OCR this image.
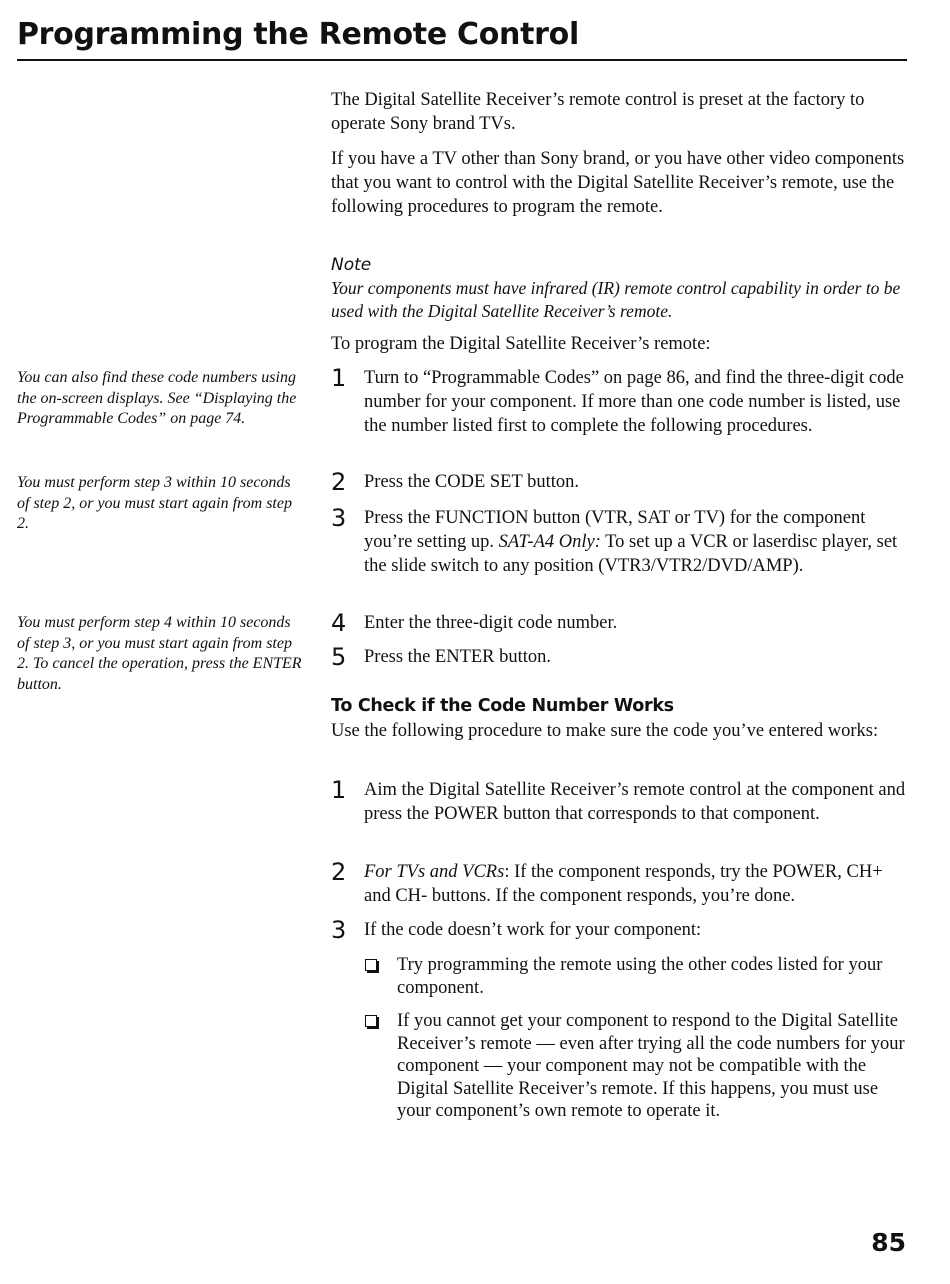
Programming the Remote Control
The Digital Satellite Receiver’s remote control is preset at the factory to operate Sony brand TVs.
If you have a TV other than Sony brand, or you have other video components that you want to control with the Digital Satellite Receiver’s remote, use the following procedures to program the remote.
Note
Your components must have infrared (IR) remote control capability in order to be used with the Digital Satellite Receiver’s remote.
To program the Digital Satellite Receiver’s remote:
You can also find these code numbers using the on-screen displays. See “Displaying the Programmable Codes” on page 74.
You must perform step 3 within 10 seconds of step 2, or you must start again from step 2.
You must perform step 4 within 10 seconds of step 3, or you must start again from step 2. To cancel the operation, press the ENTER button.
1 Turn to “Programmable Codes” on page 86, and find the three-digit code number for your component. If more than one code number is listed, use the number listed first to complete the following procedures.
2 Press the CODE SET button.
3 Press the FUNCTION button (VTR, SAT or TV) for the component you’re setting up. SAT-A4 Only: To set up a VCR or laserdisc player, set the slide switch to any position (VTR3/VTR2/DVD/AMP).
4 Enter the three-digit code number.
5 Press the ENTER button.
To Check if the Code Number Works
Use the following procedure to make sure the code you’ve entered works:
1 Aim the Digital Satellite Receiver’s remote control at the component and press the POWER button that corresponds to that component.
2 For TVs and VCRs: If the component responds, try the POWER, CH+ and CH- buttons. If the component responds, you’re done.
3 If the code doesn’t work for your component:
Try programming the remote using the other codes listed for your component.
If you cannot get your component to respond to the Digital Satellite Receiver’s remote — even after trying all the code numbers for your component — your component may not be compatible with the Digital Satellite Receiver’s remote. If this happens, you must use your component’s own remote to operate it.
85
